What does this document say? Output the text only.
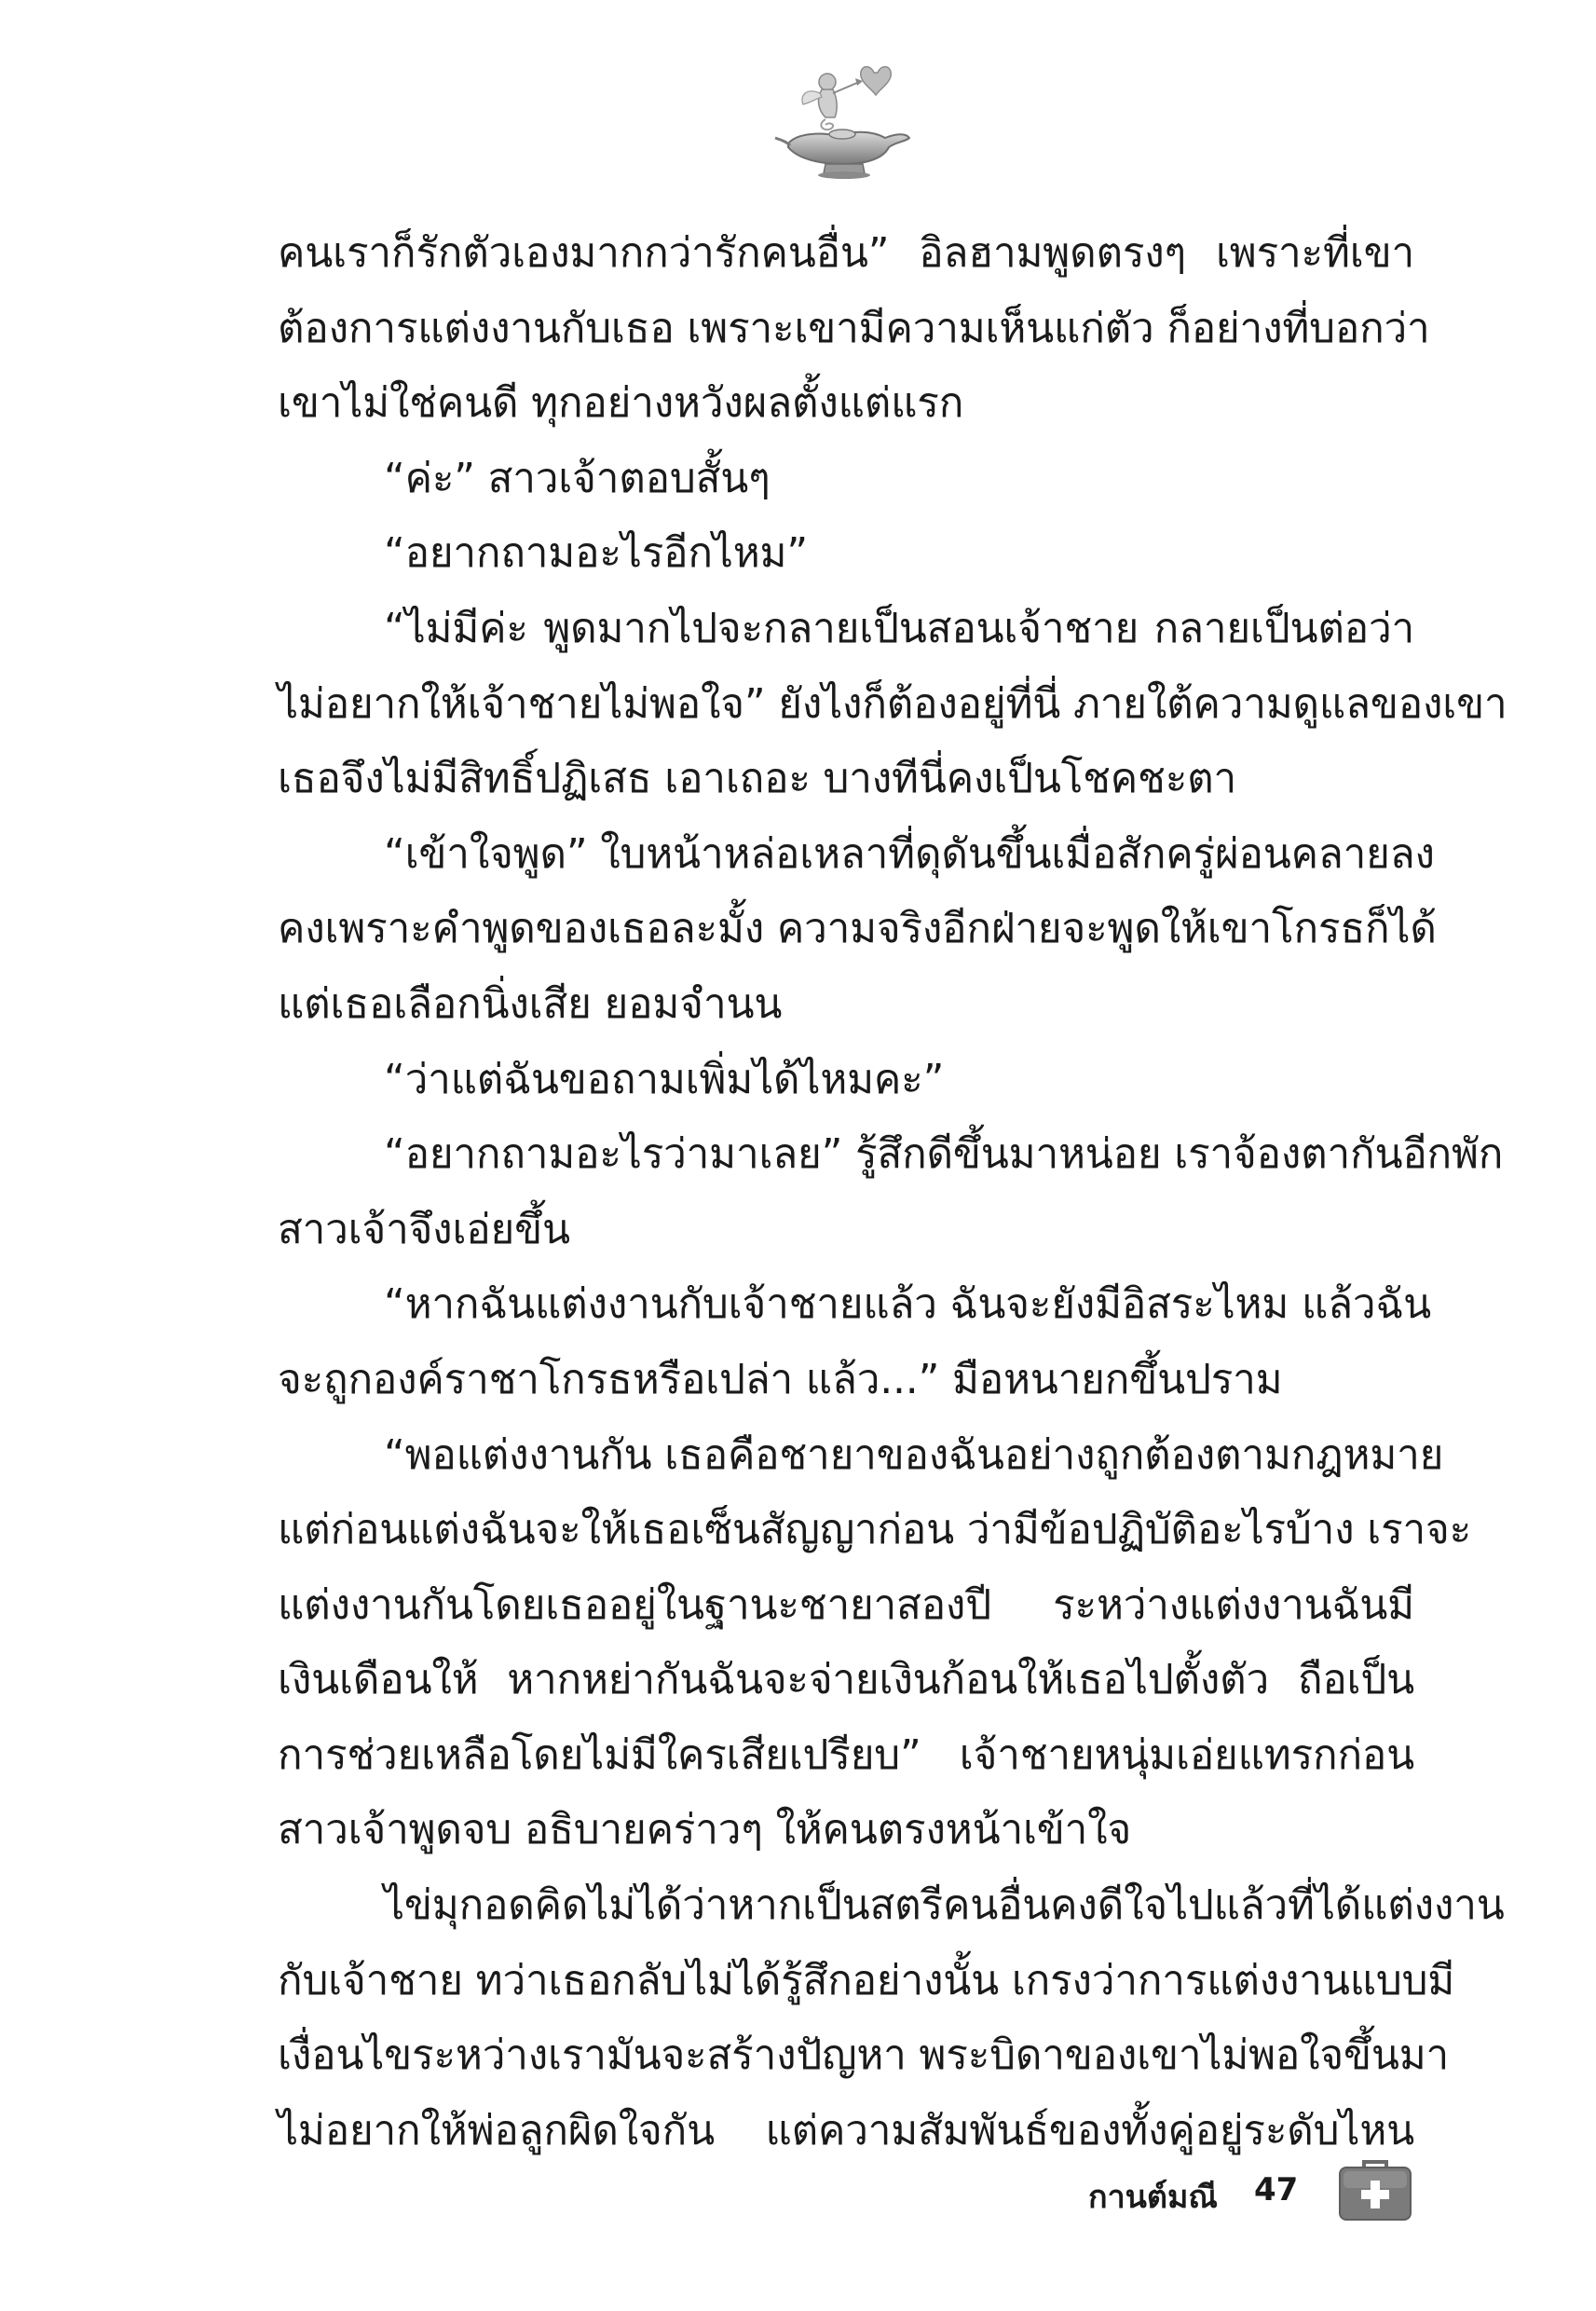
คนเราก็รักตัวเองมากกว่ารักคนอื่น” อิลฮามพูดตรงๆ เพราะที่เขา
ต้องการแต่งงานกับเธอ เพราะเขามีความเห็นแก่ตัว ก็อย่างที่บอกว่า
เขาไม่ใช่คนดี ทุกอย่างหวังผลตั้งแต่แรก
“ค่ะ” สาวเจ้าตอบสั้นๆ
“อยากถามอะไรอีกไหม”
“ไม่มีค่ะ พูดมากไปจะกลายเป็นสอนเจ้าชาย กลายเป็นต่อว่า
ไม่อยากให้เจ้าชายไม่พอใจ” ยังไงก็ต้องอยู่ที่นี่ ภายใต้ความดูแลของเขา
เธอจึงไม่มีสิทธิ์ปฏิเสธ เอาเถอะ บางทีนี่คงเป็นโชคชะตา
“เข้าใจพูด” ใบหน้าหล่อเหลาที่ดุดันขึ้นเมื่อสักครู่ผ่อนคลายลง
คงเพราะคำพูดของเธอละมั้ง ความจริงอีกฝ่ายจะพูดให้เขาโกรธก็ได้
แต่เธอเลือกนิ่งเสีย ยอมจำนน
“ว่าแต่ฉันขอถามเพิ่มได้ไหมคะ”
“อยากถามอะไรว่ามาเลย” รู้สึกดีขึ้นมาหน่อย เราจ้องตากันอีกพัก
สาวเจ้าจึงเอ่ยขึ้น
“หากฉันแต่งงานกับเจ้าชายแล้ว ฉันจะยังมีอิสระไหม แล้วฉัน
จะถูกองค์ราชาโกรธหรือเปล่า แล้ว...” มือหนายกขึ้นปราม
“พอแต่งงานกัน เธอคือชายาของฉันอย่างถูกต้องตามกฎหมาย
แต่ก่อนแต่งฉันจะให้เธอเซ็นสัญญาก่อน ว่ามีข้อปฏิบัติอะไรบ้าง เราจะ
แต่งงานกันโดยเธออยู่ในฐานะชายาสองปี ระหว่างแต่งงานฉันมี
เงินเดือนให้ หากหย่ากันฉันจะจ่ายเงินก้อนให้เธอไปตั้งตัว ถือเป็น
การช่วยเหลือโดยไม่มีใครเสียเปรียบ” เจ้าชายหนุ่มเอ่ยแทรกก่อน
สาวเจ้าพูดจบ อธิบายคร่าวๆ ให้คนตรงหน้าเข้าใจ
ไข่มุกอดคิดไม่ได้ว่าหากเป็นสตรีคนอื่นคงดีใจไปแล้วที่ได้แต่งงาน
กับเจ้าชาย ทว่าเธอกลับไม่ได้รู้สึกอย่างนั้น เกรงว่าการแต่งงานแบบมี
เงื่อนไขระหว่างเรามันจะสร้างปัญหา พระบิดาของเขาไม่พอใจขึ้นมา
ไม่อยากให้พ่อลูกผิดใจกัน แต่ความสัมพันธ์ของทั้งคู่อยู่ระดับไหน
กานต์มณี 47
